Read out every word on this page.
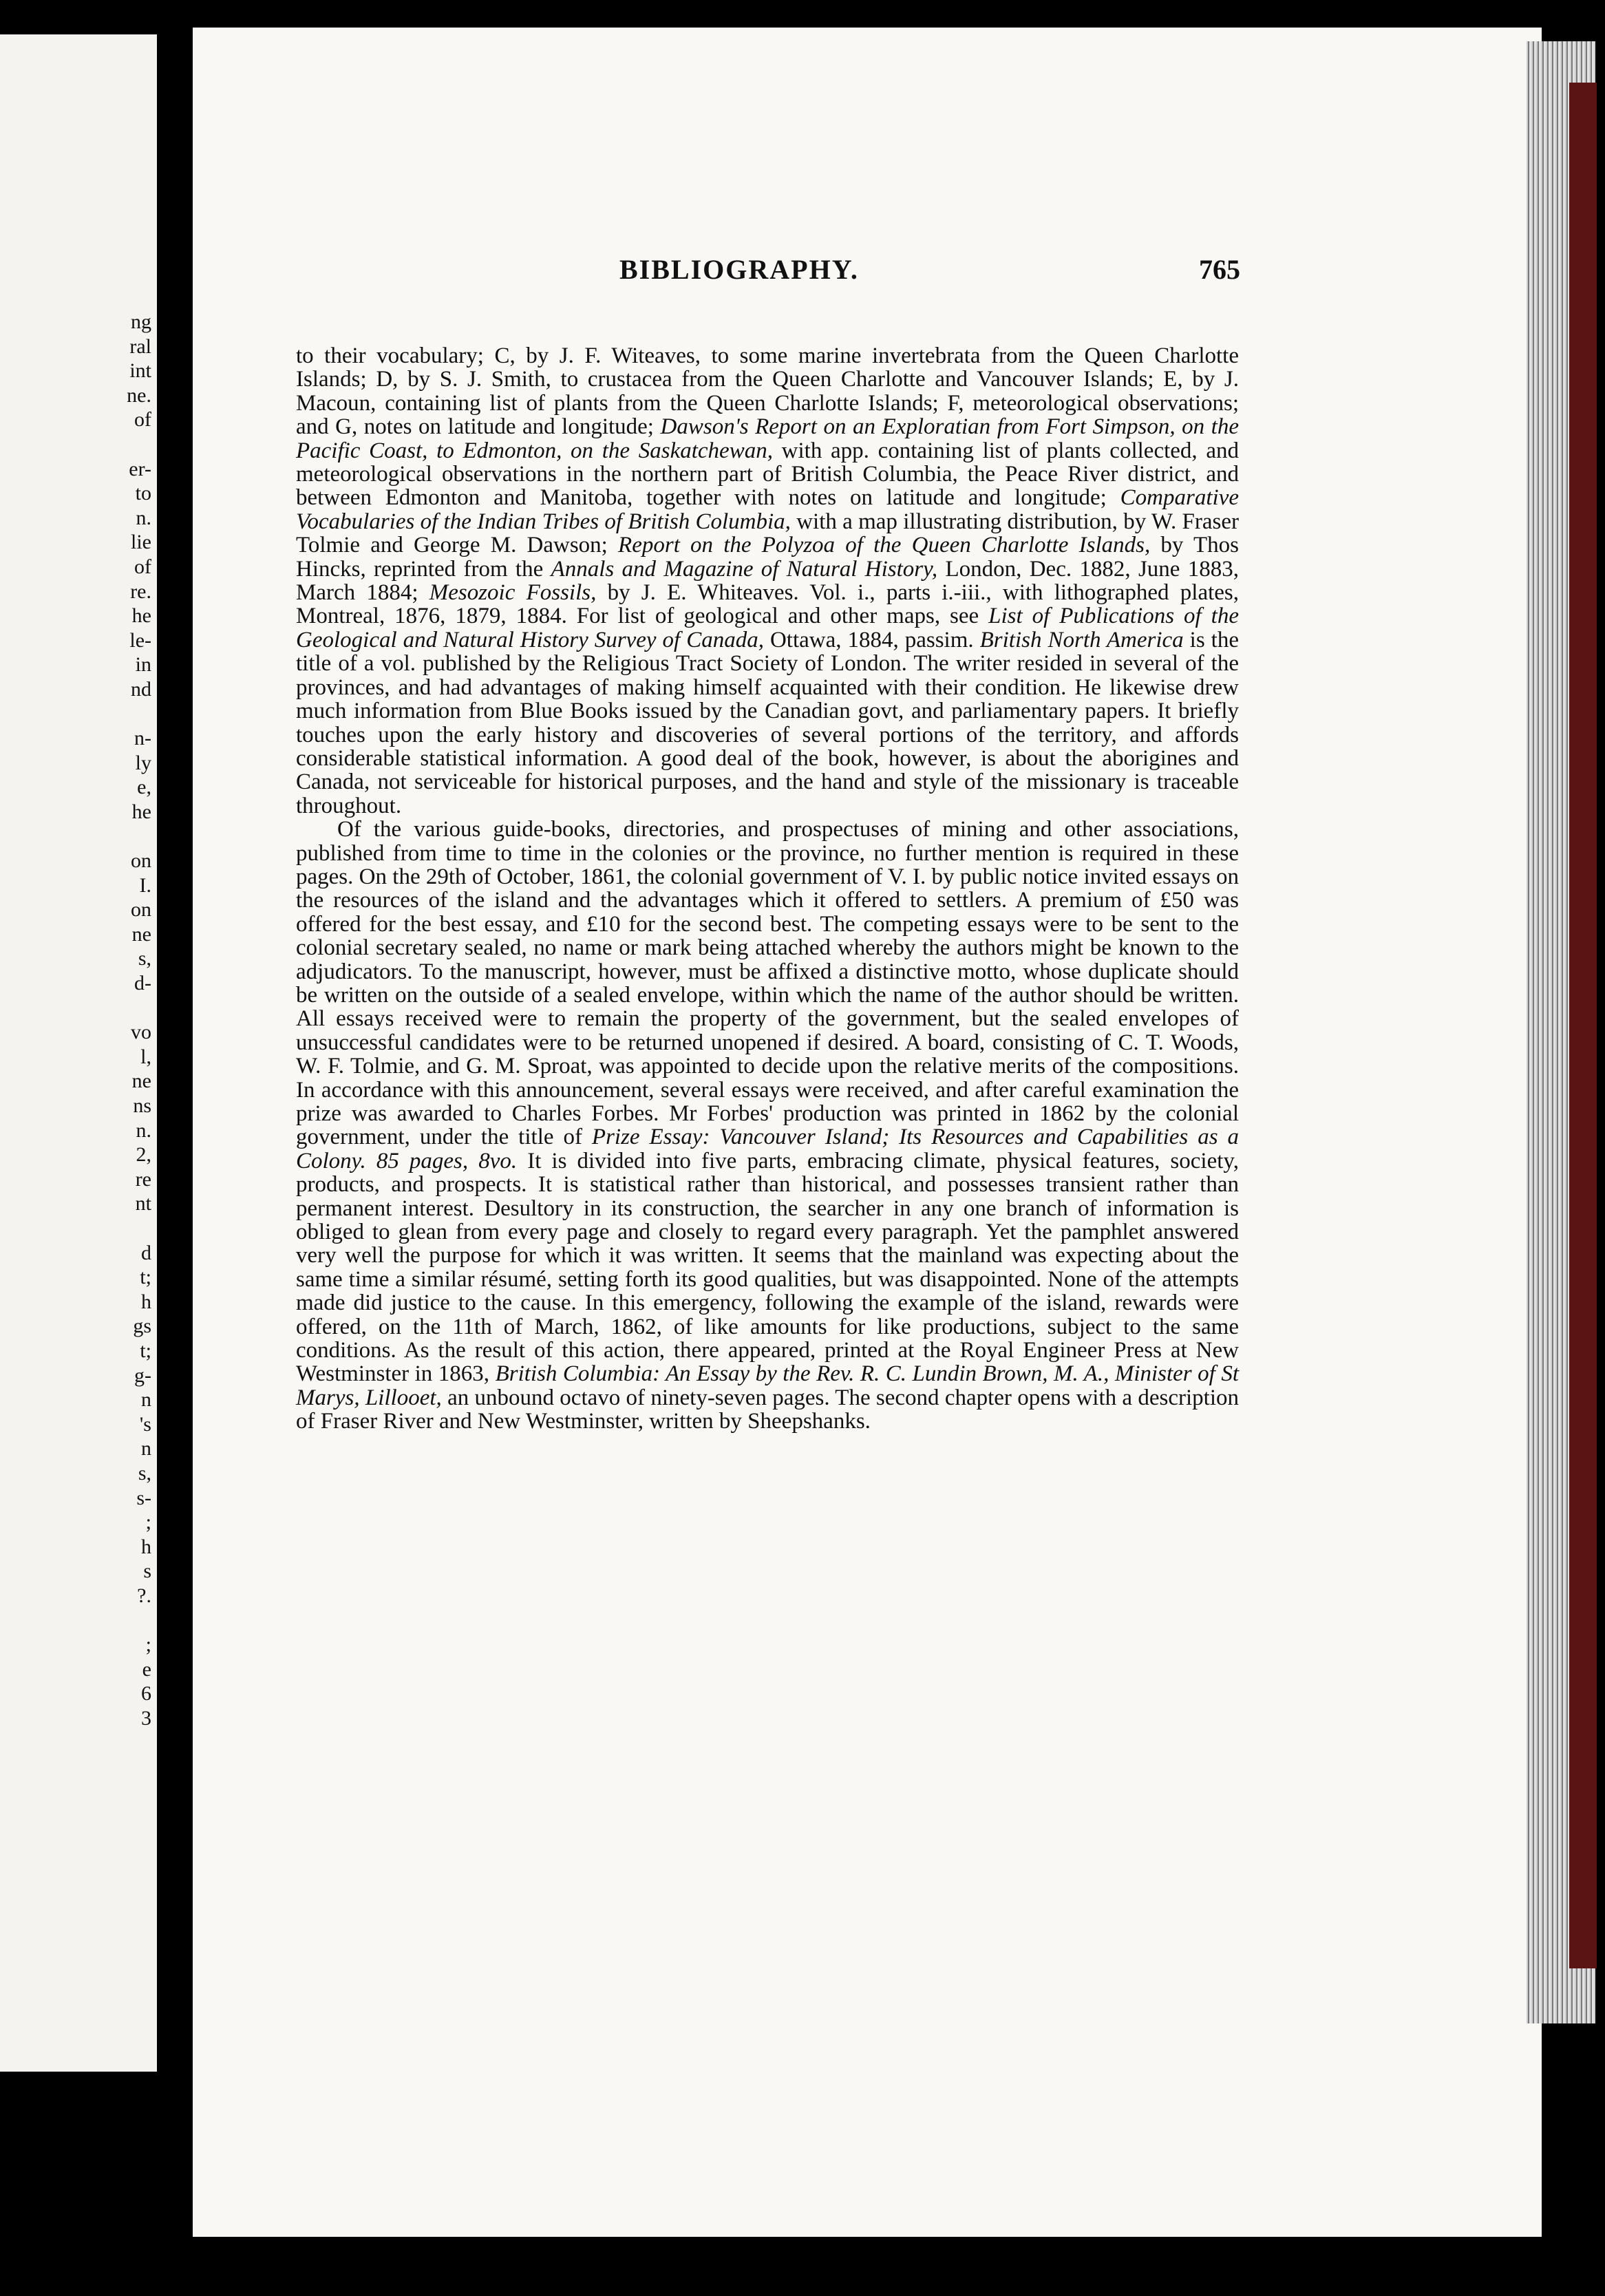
ng
ral
int
ne.
of

er-
to
n.
lie
of
re.
he
le-
in
nd

n-
ly
e,
he

on
I.
on
ne
s,
d-

vo
l,
ne
ns
n.
2,
re
nt

d
t;
h
gs
t;
g-
n
's
n
s,
s-
;
h
s
?.

;
e
6
3
BIBLIOGRAPHY.	765

to their vocabulary; C, by J. F. Witeaves, to some marine invertebrata from the Queen Charlotte Islands; D, by S. J. Smith, to crustacea from the Queen Charlotte and Vancouver Islands; E, by J. Macoun, containing list of plants from the Queen Charlotte Islands; F, meteorological observations; and G, notes on latitude and longitude; Dawson's Report on an Exploratian from Fort Simpson, on the Pacific Coast, to Edmonton, on the Saskatchewan, with app. containing list of plants collected, and meteorological observations in the northern part of British Columbia, the Peace River district, and between Edmonton and Manitoba, together with notes on latitude and longitude; Comparative Vocabularies of the Indian Tribes of British Columbia, with a map illustrating distribution, by W. Fraser Tolmie and George M. Dawson; Report on the Polyzoa of the Queen Charlotte Islands, by Thos Hincks, reprinted from the Annals and Magazine of Natural History, London, Dec. 1882, June 1883, March 1884; Mesozoic Fossils, by J. E. Whiteaves. Vol. i., parts i.-iii., with lithographed plates, Montreal, 1876, 1879, 1884. For list of geological and other maps, see List of Publications of the Geological and Natural History Survey of Canada, Ottawa, 1884, passim. British North America is the title of a vol. published by the Religious Tract Society of London. The writer resided in several of the provinces, and had advantages of making himself acquainted with their condition. He likewise drew much information from Blue Books issued by the Canadian govt, and parliamentary papers. It briefly touches upon the early history and discoveries of several portions of the territory, and affords considerable statistical information. A good deal of the book, however, is about the aborigines and Canada, not serviceable for historical purposes, and the hand and style of the missionary is traceable throughout.

Of the various guide-books, directories, and prospectuses of mining and other associations, published from time to time in the colonies or the province, no further mention is required in these pages. On the 29th of October, 1861, the colonial government of V. I. by public notice invited essays on the resources of the island and the advantages which it offered to settlers. A premium of £50 was offered for the best essay, and £10 for the second best. The competing essays were to be sent to the colonial secretary sealed, no name or mark being attached whereby the authors might be known to the adjudicators. To the manuscript, however, must be affixed a distinctive motto, whose duplicate should be written on the outside of a sealed envelope, within which the name of the author should be written. All essays received were to remain the property of the government, but the sealed envelopes of unsuccessful candidates were to be returned unopened if desired. A board, consisting of C. T. Woods, W. F. Tolmie, and G. M. Sproat, was appointed to decide upon the relative merits of the compositions. In accordance with this announcement, several essays were received, and after careful examination the prize was awarded to Charles Forbes. Mr Forbes' production was printed in 1862 by the colonial government, under the title of Prize Essay: Vancouver Island; Its Resources and Capabilities as a Colony. 85 pages, 8vo. It is divided into five parts, embracing climate, physical features, society, products, and prospects. It is statistical rather than historical, and possesses transient rather than permanent interest. Desultory in its construction, the searcher in any one branch of information is obliged to glean from every page and closely to regard every paragraph. Yet the pamphlet answered very well the purpose for which it was written. It seems that the mainland was expecting about the same time a similar résumé, setting forth its good qualities, but was disappointed. None of the attempts made did justice to the cause. In this emergency, following the example of the island, rewards were offered, on the 11th of March, 1862, of like amounts for like productions, subject to the same conditions. As the result of this action, there appeared, printed at the Royal Engineer Press at New Westminster in 1863, British Columbia: An Essay by the Rev. R. C. Lundin Brown, M. A., Minister of St Marys, Lillooet, an unbound octavo of ninety-seven pages. The second chapter opens with a description of Fraser River and New Westminster, written by Sheepshanks.
